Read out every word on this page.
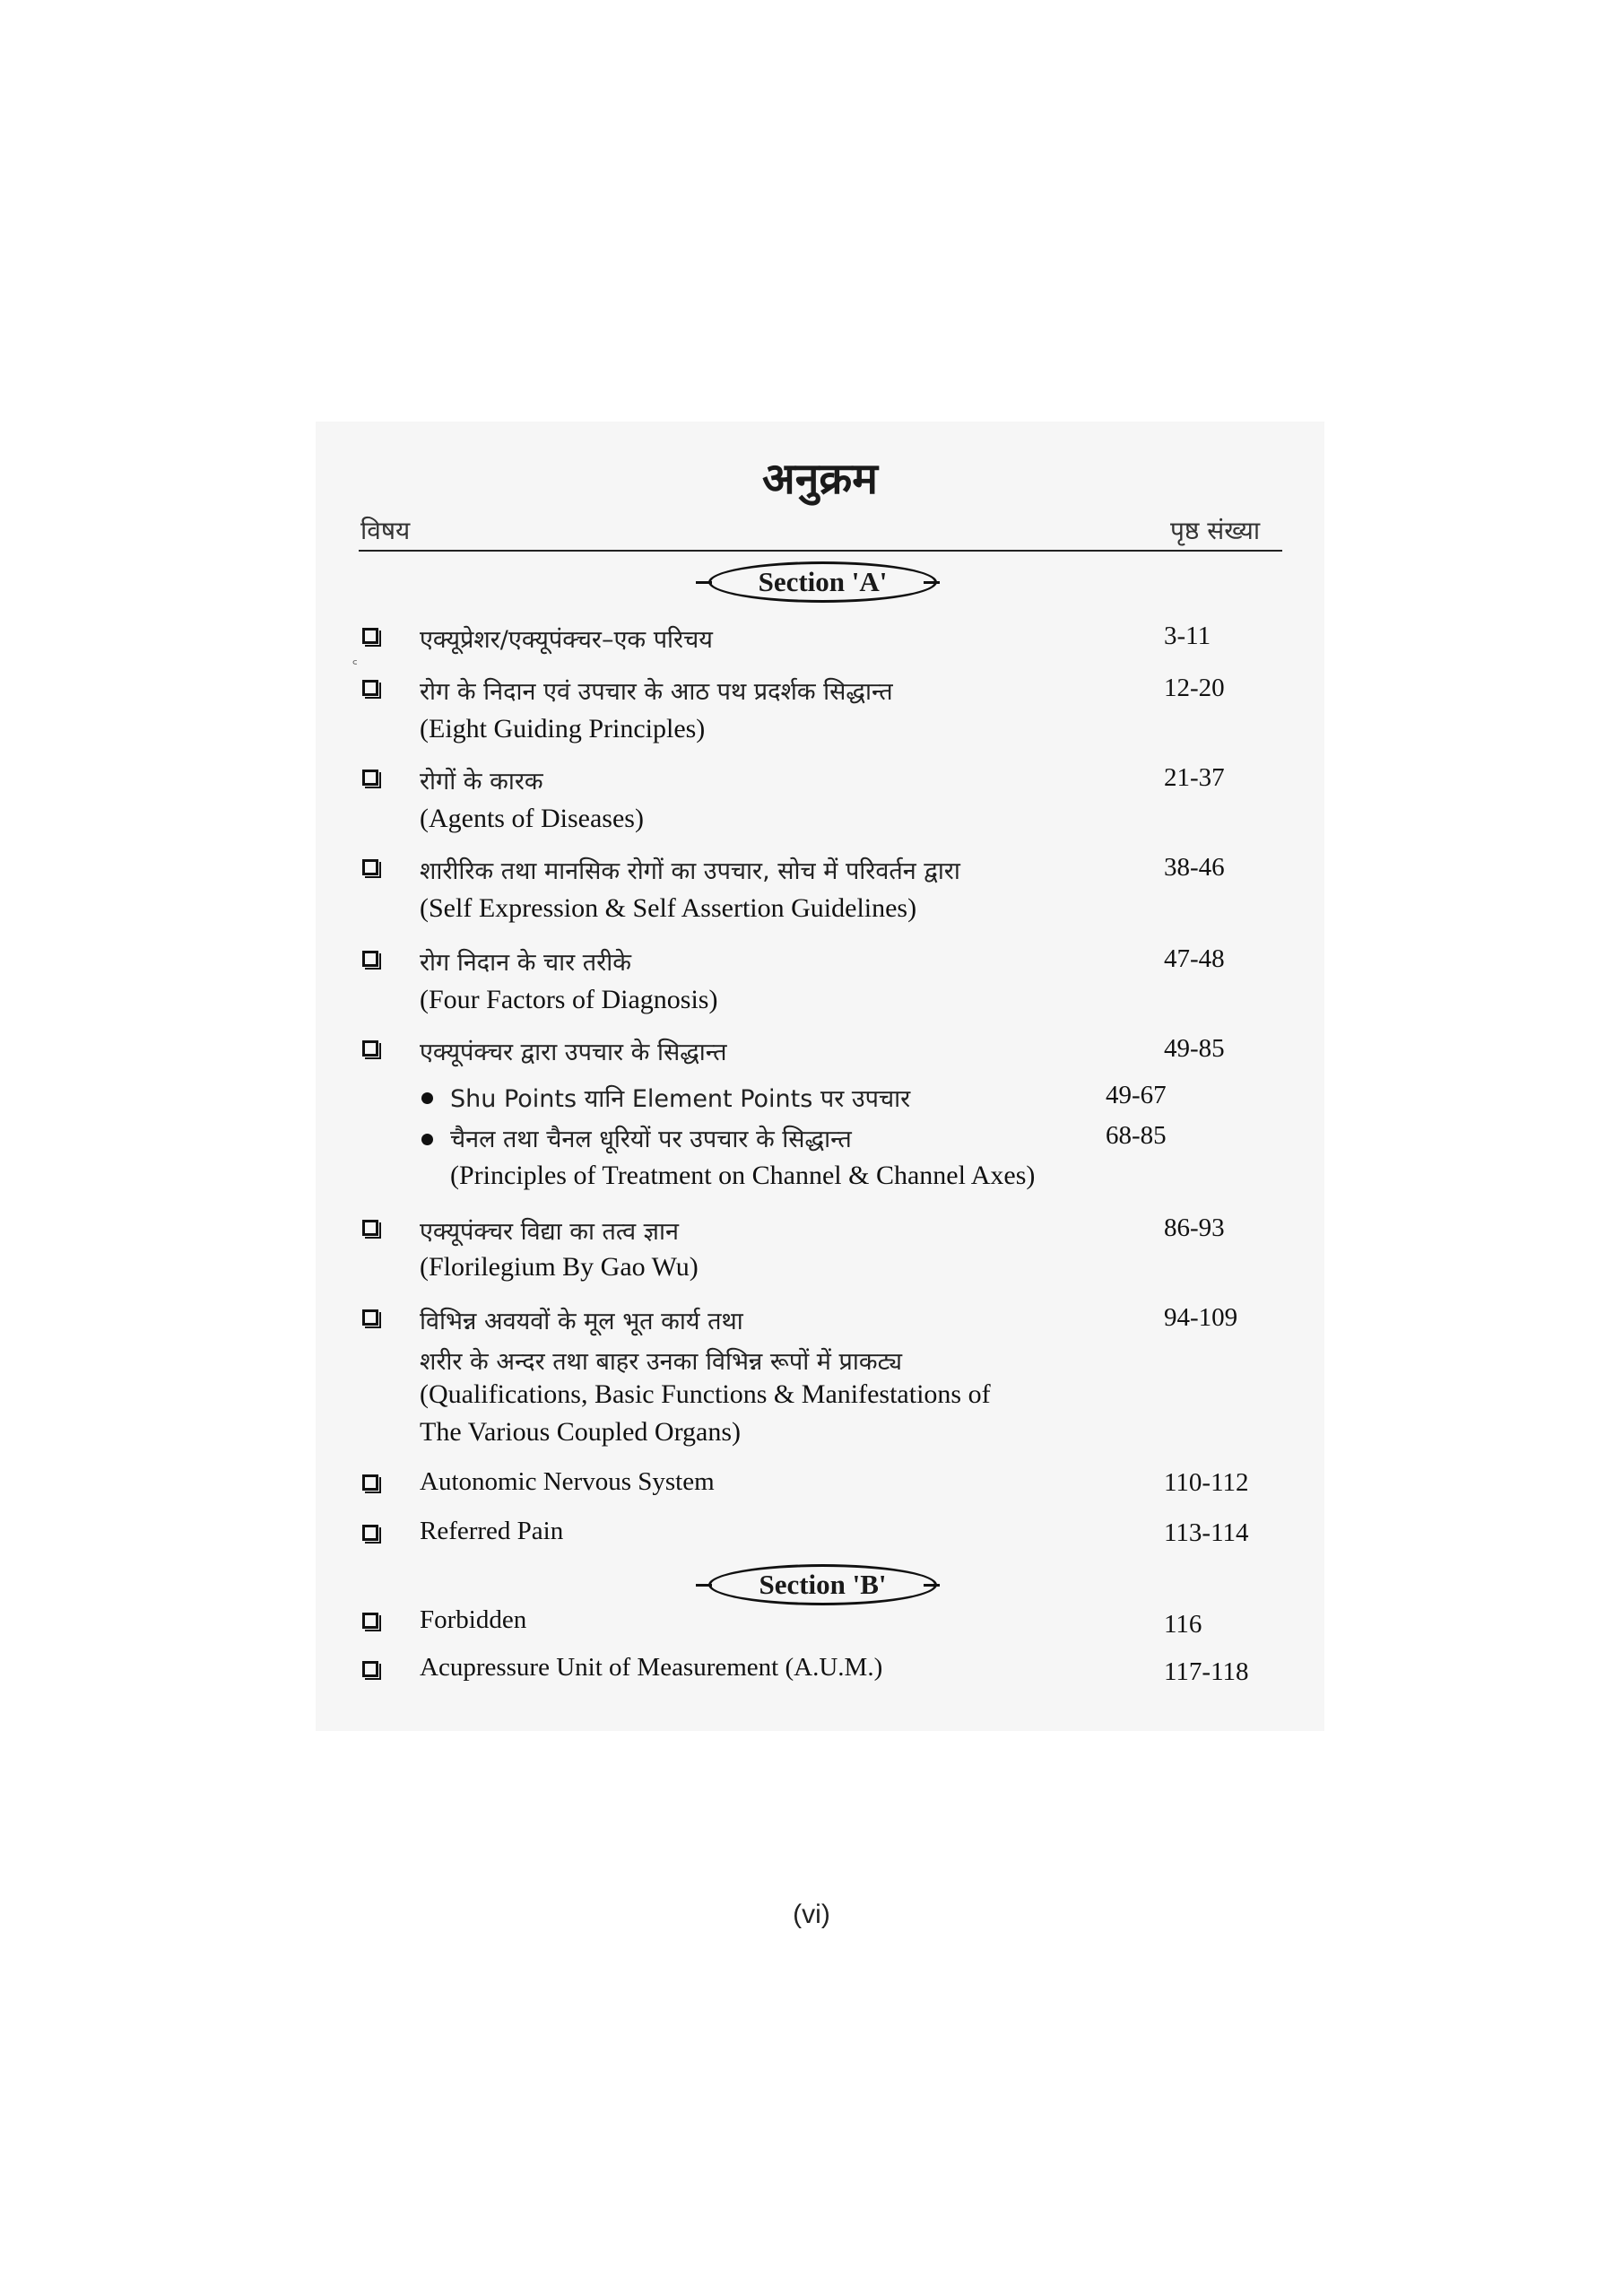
अनुक्रम
विषय	पृष्ठ संख्या
Section 'A'
꜀
एक्यूप्रेशर/एक्यूपंक्चर–एक परिचय	3-11
रोग के निदान एवं उपचार के आठ पथ प्रदर्शक सिद्धान्त
(Eight Guiding Principles)
12-20
रोगों के कारक
(Agents of Diseases)
21-37
शारीरिक तथा मानसिक रोगों का उपचार, सोच में परिवर्तन द्वारा
(Self Expression & Self Assertion Guidelines)
38-46
रोग निदान के चार तरीके
(Four Factors of Diagnosis)
47-48
एक्यूपंक्चर द्वारा उपचार के सिद्धान्त	49-85
Shu Points यानि Element Points पर उपचार	49-67
चैनल तथा चैनल धूरियों पर उपचार के सिद्धान्त	68-85
(Principles of Treatment on Channel & Channel Axes)
एक्यूपंक्चर विद्या का तत्व ज्ञान
(Florilegium By Gao Wu)
86-93
विभिन्न अवयवों के मूल भूत कार्य तथा
शरीर के अन्दर तथा बाहर उनका विभिन्न रूपों में प्राकट्य
(Qualifications, Basic Functions & Manifestations of
The Various Coupled Organs)
94-109
Autonomic Nervous System	110-112
Referred Pain	113-114
Section 'B'
Forbidden	116
Acupressure Unit of Measurement (A.U.M.)	117-118
(vi)
